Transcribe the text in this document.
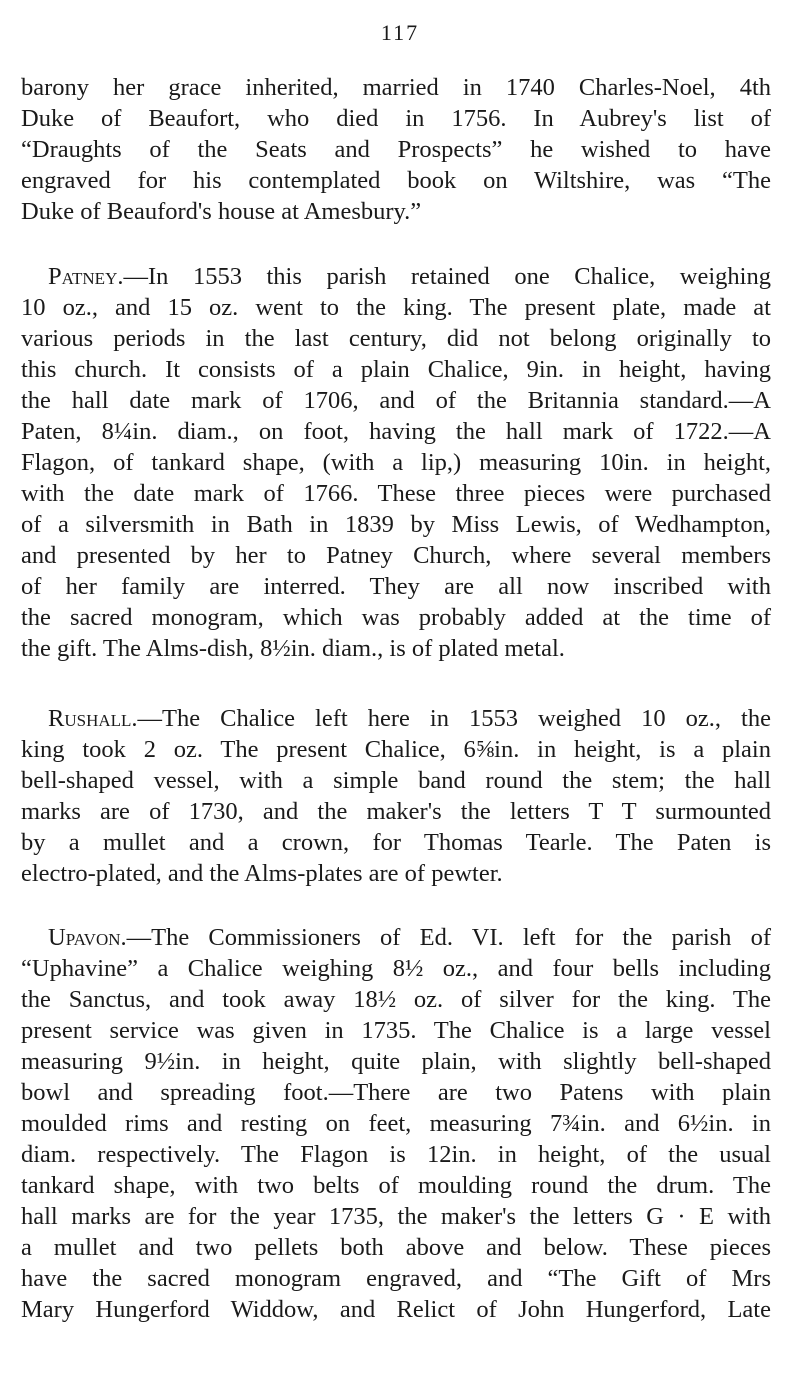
117
barony her grace inherited, married in 1740 Charles-Noel, 4th
Duke of Beaufort, who died in 1756. In Aubrey's list of
“Draughts of the Seats and Prospects” he wished to have
engraved for his contemplated book on Wiltshire, was “The
Duke of Beauford's house at Amesbury.”
Patney.—In 1553 this parish retained one Chalice, weighing
10 oz., and 15 oz. went to the king. The present plate, made at
various periods in the last century, did not belong originally to
this church. It consists of a plain Chalice, 9in. in height, having
the hall date mark of 1706, and of the Britannia standard.—A
Paten, 8¼in. diam., on foot, having the hall mark of 1722.—A
Flagon, of tankard shape, (with a lip,) measuring 10in. in height,
with the date mark of 1766. These three pieces were purchased
of a silversmith in Bath in 1839 by Miss Lewis, of Wedhampton,
and presented by her to Patney Church, where several members
of her family are interred. They are all now inscribed with
the sacred monogram, which was probably added at the time of
the gift. The Alms-dish, 8½in. diam., is of plated metal.
Rushall.—The Chalice left here in 1553 weighed 10 oz., the
king took 2 oz. The present Chalice, 6⅝in. in height, is a plain
bell-shaped vessel, with a simple band round the stem; the hall
marks are of 1730, and the maker's the letters T T surmounted
by a mullet and a crown, for Thomas Tearle. The Paten is
electro-plated, and the Alms-plates are of pewter.
Upavon.—The Commissioners of Ed. VI. left for the parish of
“Uphavine” a Chalice weighing 8½ oz., and four bells including
the Sanctus, and took away 18½ oz. of silver for the king. The
present service was given in 1735. The Chalice is a large vessel
measuring 9½in. in height, quite plain, with slightly bell-shaped
bowl and spreading foot.—There are two Patens with plain
moulded rims and resting on feet, measuring 7¾in. and 6½in. in
diam. respectively. The Flagon is 12in. in height, of the usual
tankard shape, with two belts of moulding round the drum. The
hall marks are for the year 1735, the maker's the letters G · E with
a mullet and two pellets both above and below. These pieces
have the sacred monogram engraved, and “The Gift of Mrs
Mary Hungerford Widdow, and Relict of John Hungerford, Late
